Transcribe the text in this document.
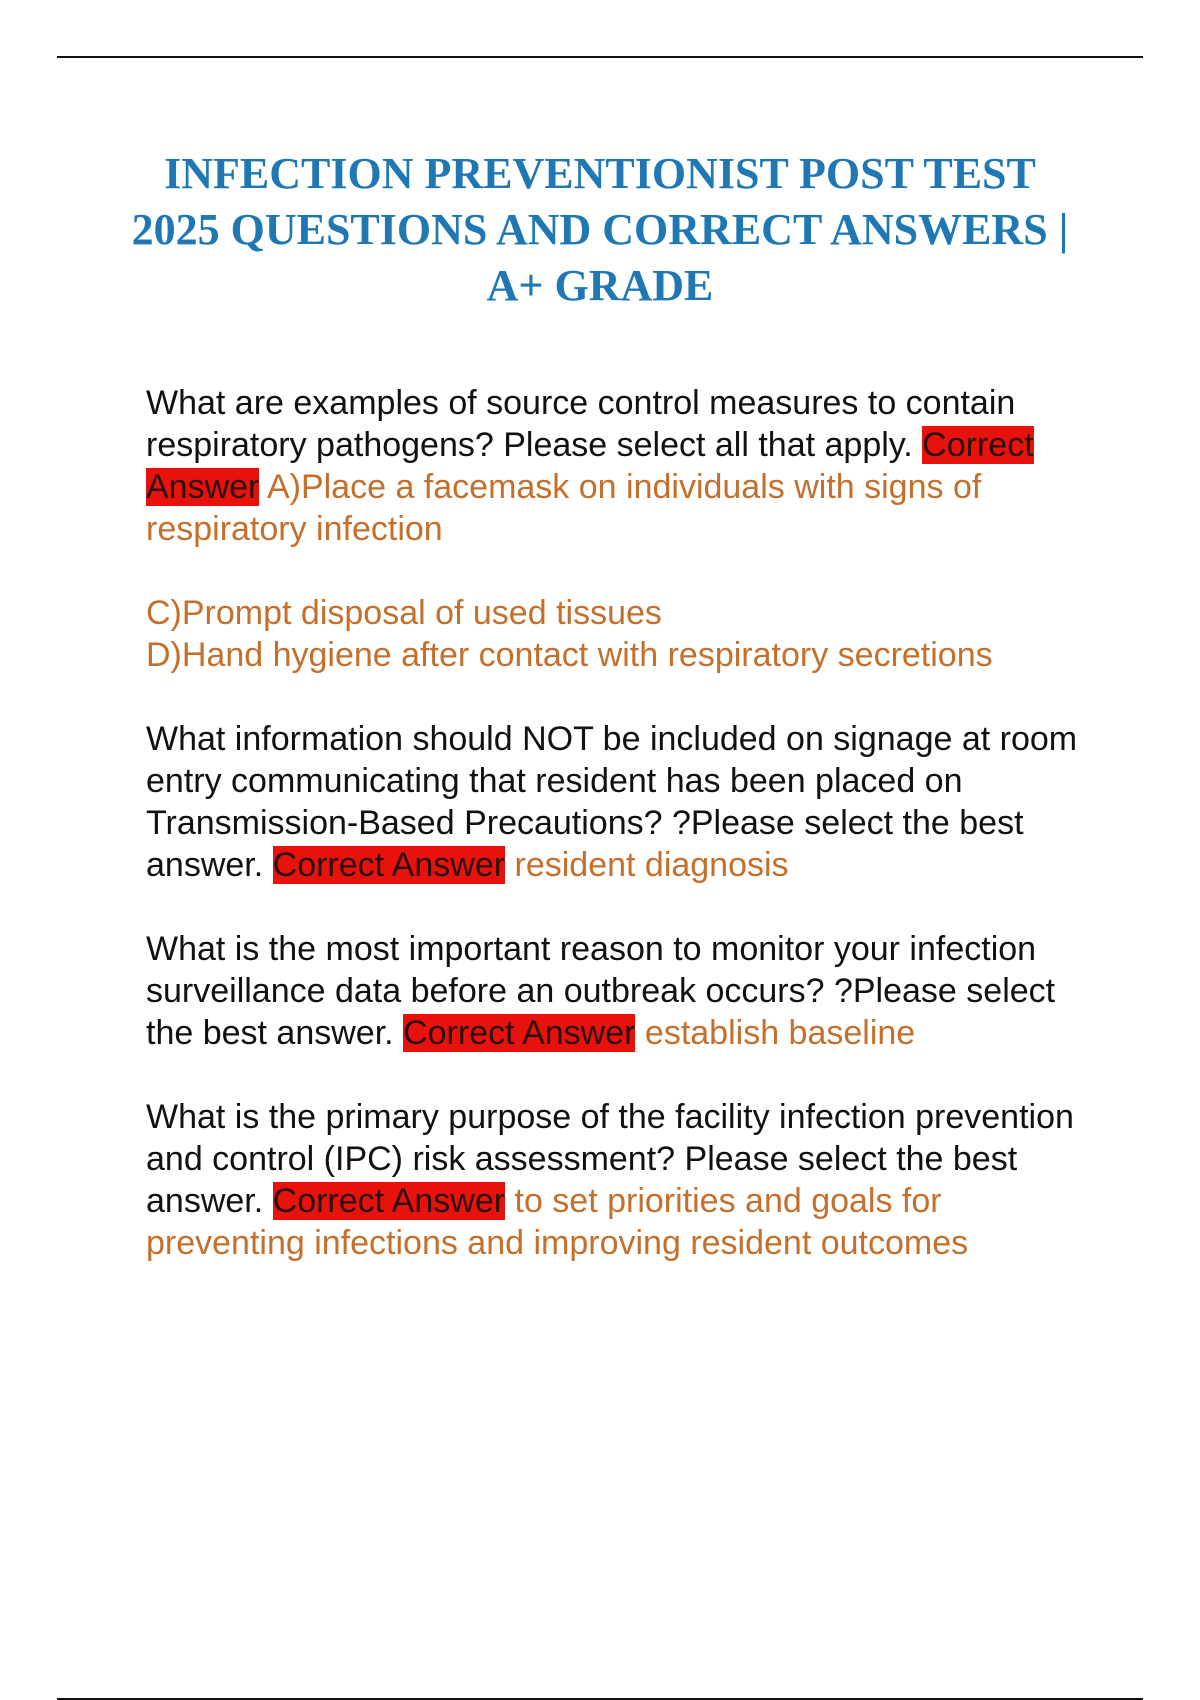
INFECTION PREVENTIONIST POST TEST 2025 QUESTIONS AND CORRECT ANSWERS | A+ GRADE
What are examples of source control measures to contain respiratory pathogens? Please select all that apply. Correct Answer A)Place a facemask on individuals with signs of respiratory infection
C)Prompt disposal of used tissues
D)Hand hygiene after contact with respiratory secretions
What information should NOT be included on signage at room entry communicating that resident has been placed on Transmission-Based Precautions? ?Please select the best answer. Correct Answer resident diagnosis
What is the most important reason to monitor your infection surveillance data before an outbreak occurs? ?Please select the best answer. Correct Answer establish baseline
What is the primary purpose of the facility infection prevention and control (IPC) risk assessment? Please select the best answer. Correct Answer to set priorities and goals for preventing infections and improving resident outcomes
